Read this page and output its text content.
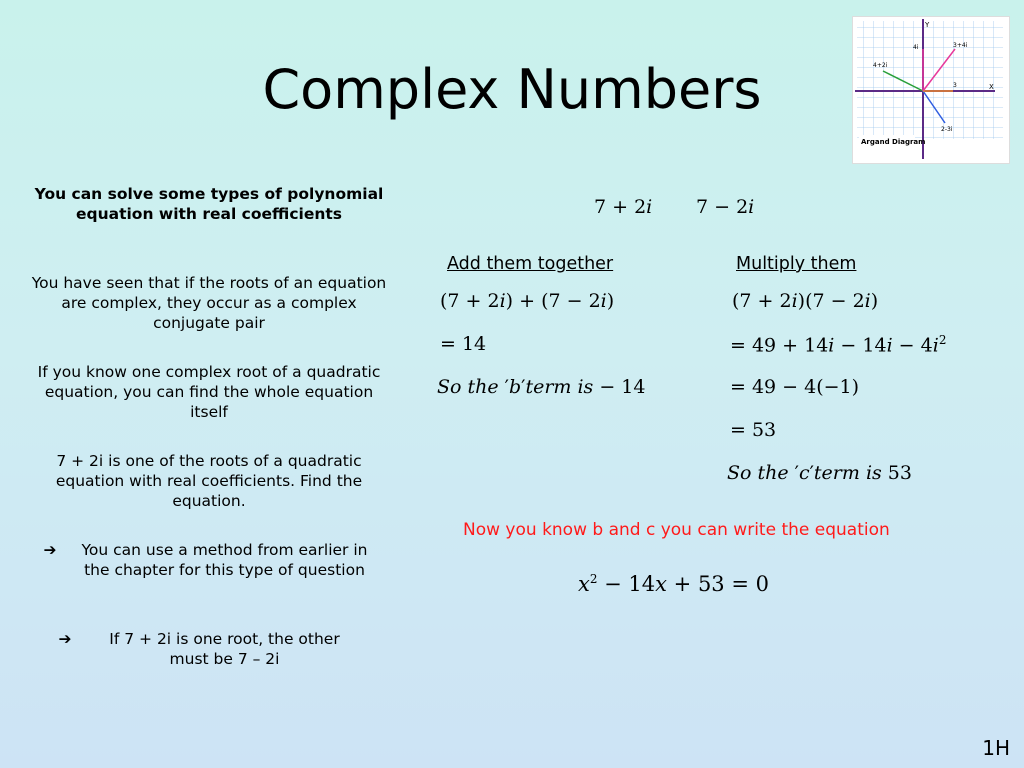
Complex Numbers
Y
X
3+4i
4+2i
2-3i
3
4i
Argand Diagram
You can solve some types of polynomial equation with real coefficients
You have seen that if the roots of an equation are complex, they occur as a complex conjugate pair
If you know one complex root of a quadratic equation, you can find the whole equation itself
7 + 2i is one of the roots of a quadratic equation with real coefficients. Find the equation.
➔	You can use a method from earlier in the chapter for this type of question
➔	If 7 + 2i is one root, the other must be 7 – 2i
7 + 2𝑖 7 − 2𝑖
Add them together
(7 + 2𝑖) + (7 − 2𝑖)
= 14
𝑆𝑜 𝑡ℎ𝑒 ′𝑏′𝑡𝑒𝑟𝑚 𝑖𝑠 − 14
Multiply them
(7 + 2𝑖)(7 − 2𝑖)
= 49 + 14𝑖 − 14𝑖 − 4𝑖$^2$
= 49 − 4(−1)
= 53
𝑆𝑜 𝑡ℎ𝑒 ′𝑐′𝑡𝑒𝑟𝑚 𝑖𝑠 53
Now you know b and c you can write the equation
𝑥$^2$ − 14𝑥 + 53 = 0
1H
